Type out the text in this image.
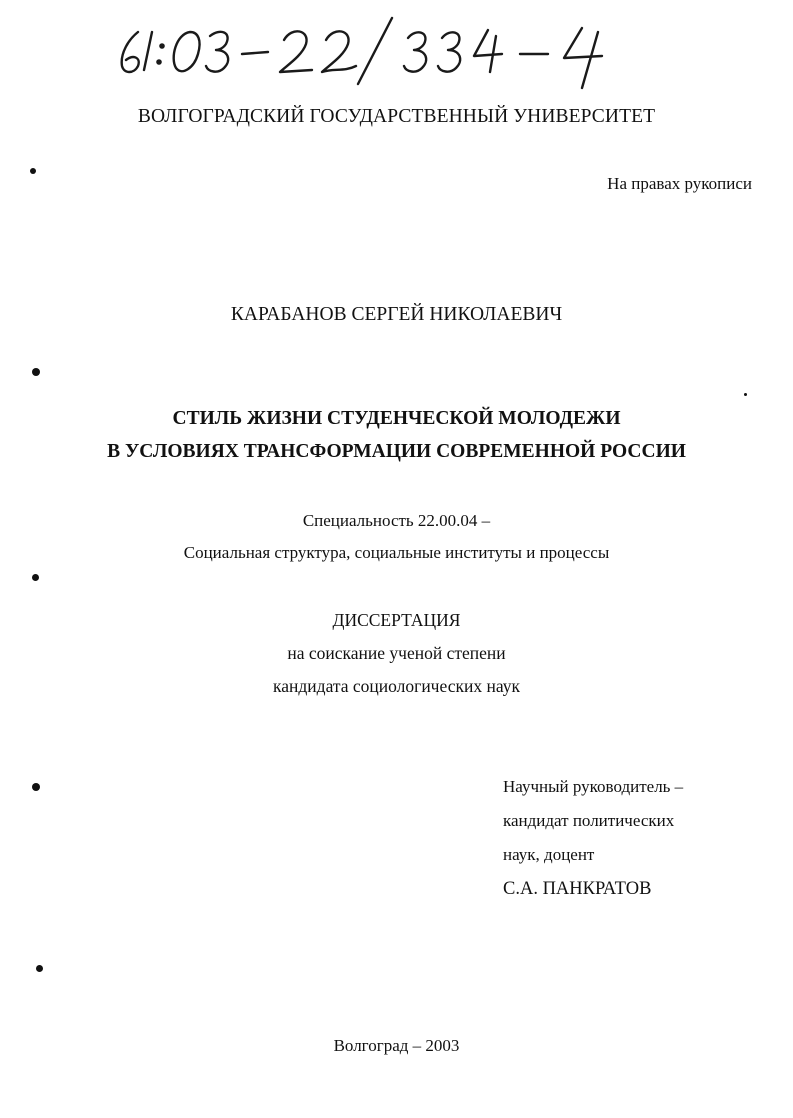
ВОЛГОГРАДСКИЙ ГОСУДАРСТВЕННЫЙ УНИВЕРСИТЕТ
На правах рукописи
КАРАБАНОВ СЕРГЕЙ НИКОЛАЕВИЧ
СТИЛЬ ЖИЗНИ СТУДЕНЧЕСКОЙ МОЛОДЕЖИ
В УСЛОВИЯХ ТРАНСФОРМАЦИИ СОВРЕМЕННОЙ РОССИИ
Специальность 22.00.04 –
Социальная структура, социальные институты и процессы
ДИССЕРТАЦИЯ
на соискание ученой степени
кандидата социологических наук
Научный руководитель –
кандидат политических
наук, доцент
С.А. ПАНКРАТОВ
Волгоград – 2003
